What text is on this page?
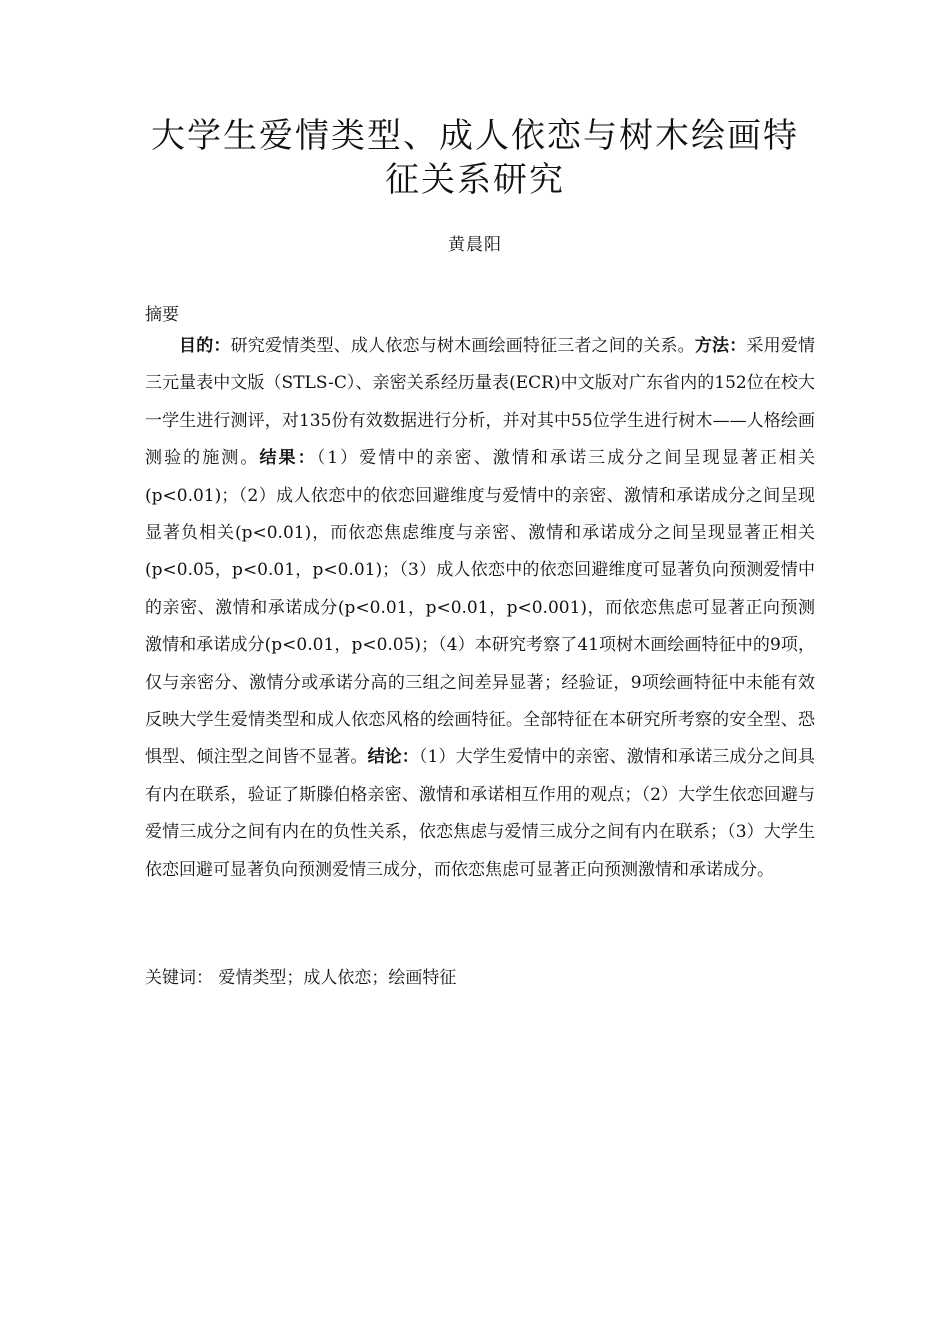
大学生爱情类型、成人依恋与树木绘画特
征关系研究
黄晨阳
摘要

目的：研究爱情类型、成人依恋与树木画绘画特征三者之间的关系。方法：采用爱情三元量表中文版（STLS-C）、亲密关系经历量表(ECR)中文版对广东省内的152位在校大一学生进行测评，对135份有效数据进行分析，并对其中55位学生进行树木——人格绘画测验的施测。结果：（1）爱情中的亲密、激情和承诺三成分之间呈现显著正相关(p<0.01)；（2）成人依恋中的依恋回避维度与爱情中的亲密、激情和承诺成分之间呈现显著负相关(p<0.01)，而依恋焦虑维度与亲密、激情和承诺成分之间呈现显著正相关(p<0.05，p<0.01，p<0.01)；（3）成人依恋中的依恋回避维度可显著负向预测爱情中的亲密、激情和承诺成分(p<0.01，p<0.01，p<0.001)，而依恋焦虑可显著正向预测激情和承诺成分(p<0.01，p<0.05)；（4）本研究考察了41项树木画绘画特征中的9项，仅与亲密分、激情分或承诺分高的三组之间差异显著；经验证，9项绘画特征中未能有效反映大学生爱情类型和成人依恋风格的绘画特征。全部特征在本研究所考察的安全型、恐惧型、倾注型之间皆不显著。结论：（1）大学生爱情中的亲密、激情和承诺三成分之间具有内在联系，验证了斯滕伯格亲密、激情和承诺相互作用的观点；（2）大学生依恋回避与爱情三成分之间有内在的负性关系，依恋焦虑与爱情三成分之间有内在联系；（3）大学生依恋回避可显著负向预测爱情三成分，而依恋焦虑可显著正向预测激情和承诺成分。

关键词： 爱情类型；成人依恋；绘画特征
